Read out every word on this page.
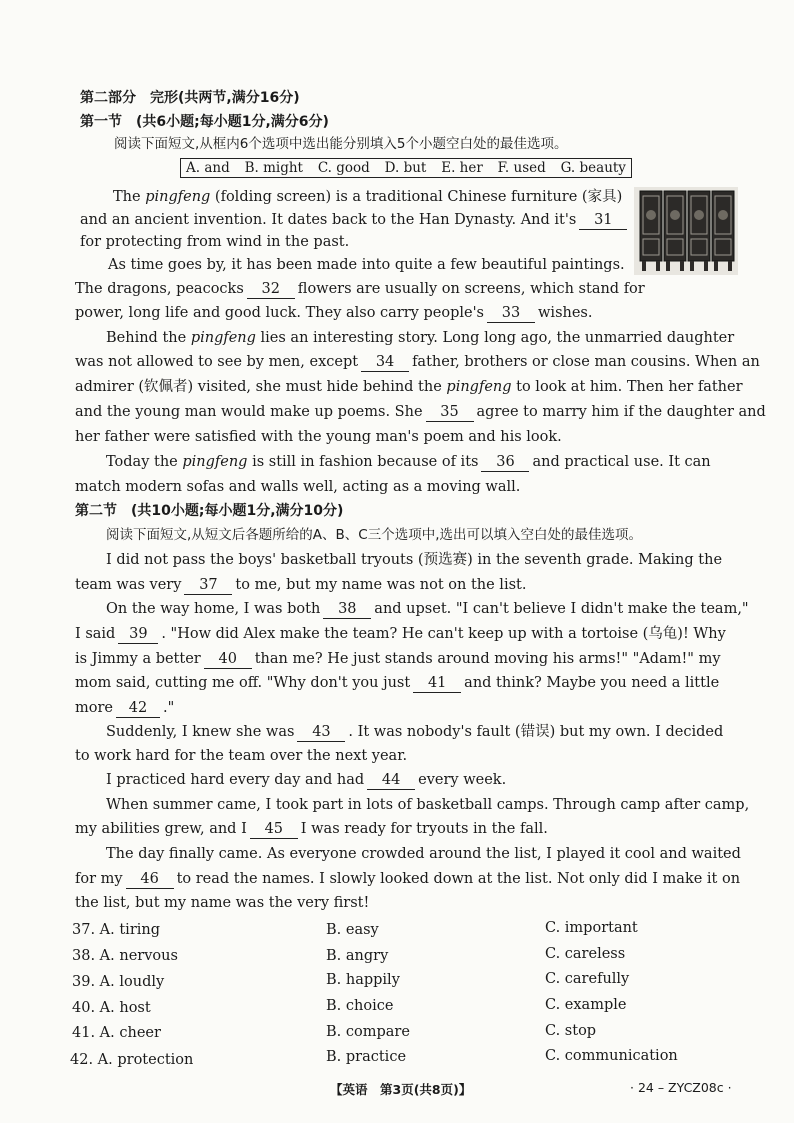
第二部分　完形(共两节,满分16分)
第一节　(共6小题;每小题1分,满分6分)
阅读下面短文,从框内6个选项中选出能分别填入5个小题空白处的最佳选项。
A. and B. might C. good D. but E. her F. used G. beauty
The pingfeng (folding screen) is a traditional Chinese furniture (家具)
and an ancient invention. It dates back to the Han Dynasty. And it's 31
for protecting from wind in the past.
As time goes by, it has been made into quite a few beautiful paintings.
The dragons, peacocks 32 flowers are usually on screens, which stand for
power, long life and good luck. They also carry people's 33 wishes.
Behind the pingfeng lies an interesting story. Long long ago, the unmarried daughter
was not allowed to see by men, except 34 father, brothers or close man cousins. When an
admirer (钦佩者) visited, she must hide behind the pingfeng to look at him. Then her father
and the young man would make up poems. She 35 agree to marry him if the daughter and
her father were satisfied with the young man's poem and his look.
Today the pingfeng is still in fashion because of its 36 and practical use. It can
match modern sofas and walls well, acting as a moving wall.
第二节　(共10小题;每小题1分,满分10分)
阅读下面短文,从短文后各题所给的A、B、C三个选项中,选出可以填入空白处的最佳选项。
I did not pass the boys' basketball tryouts (预选赛) in the seventh grade. Making the
team was very 37 to me, but my name was not on the list.
On the way home, I was both 38 and upset. "I can't believe I didn't make the team,"
I said 39 . "How did Alex make the team? He can't keep up with a tortoise (乌龟)! Why
is Jimmy a better 40 than me? He just stands around moving his arms!" "Adam!" my
mom said, cutting me off. "Why don't you just 41 and think? Maybe you need a little
more 42 ."
Suddenly, I knew she was 43 . It was nobody's fault (错误) but my own. I decided
to work hard for the team over the next year.
I practiced hard every day and had 44 every week.
When summer came, I took part in lots of basketball camps. Through camp after camp,
my abilities grew, and I 45 I was ready for tryouts in the fall.
The day finally came. As everyone crowded around the list, I played it cool and waited
for my 46 to read the names. I slowly looked down at the list. Not only did I make it on
the list, but my name was the very first!
37. A. tiring	B. easy	C. important
38. A. nervous	B. angry	C. careless
39. A. loudly	B. happily	C. carefully
40. A. host	B. choice	C. example
41. A. cheer	B. compare	C. stop
42. A. protection	B. practice	C. communication
【英语　第3页(共8页)】	· 24 – ZYCZ08c ·
